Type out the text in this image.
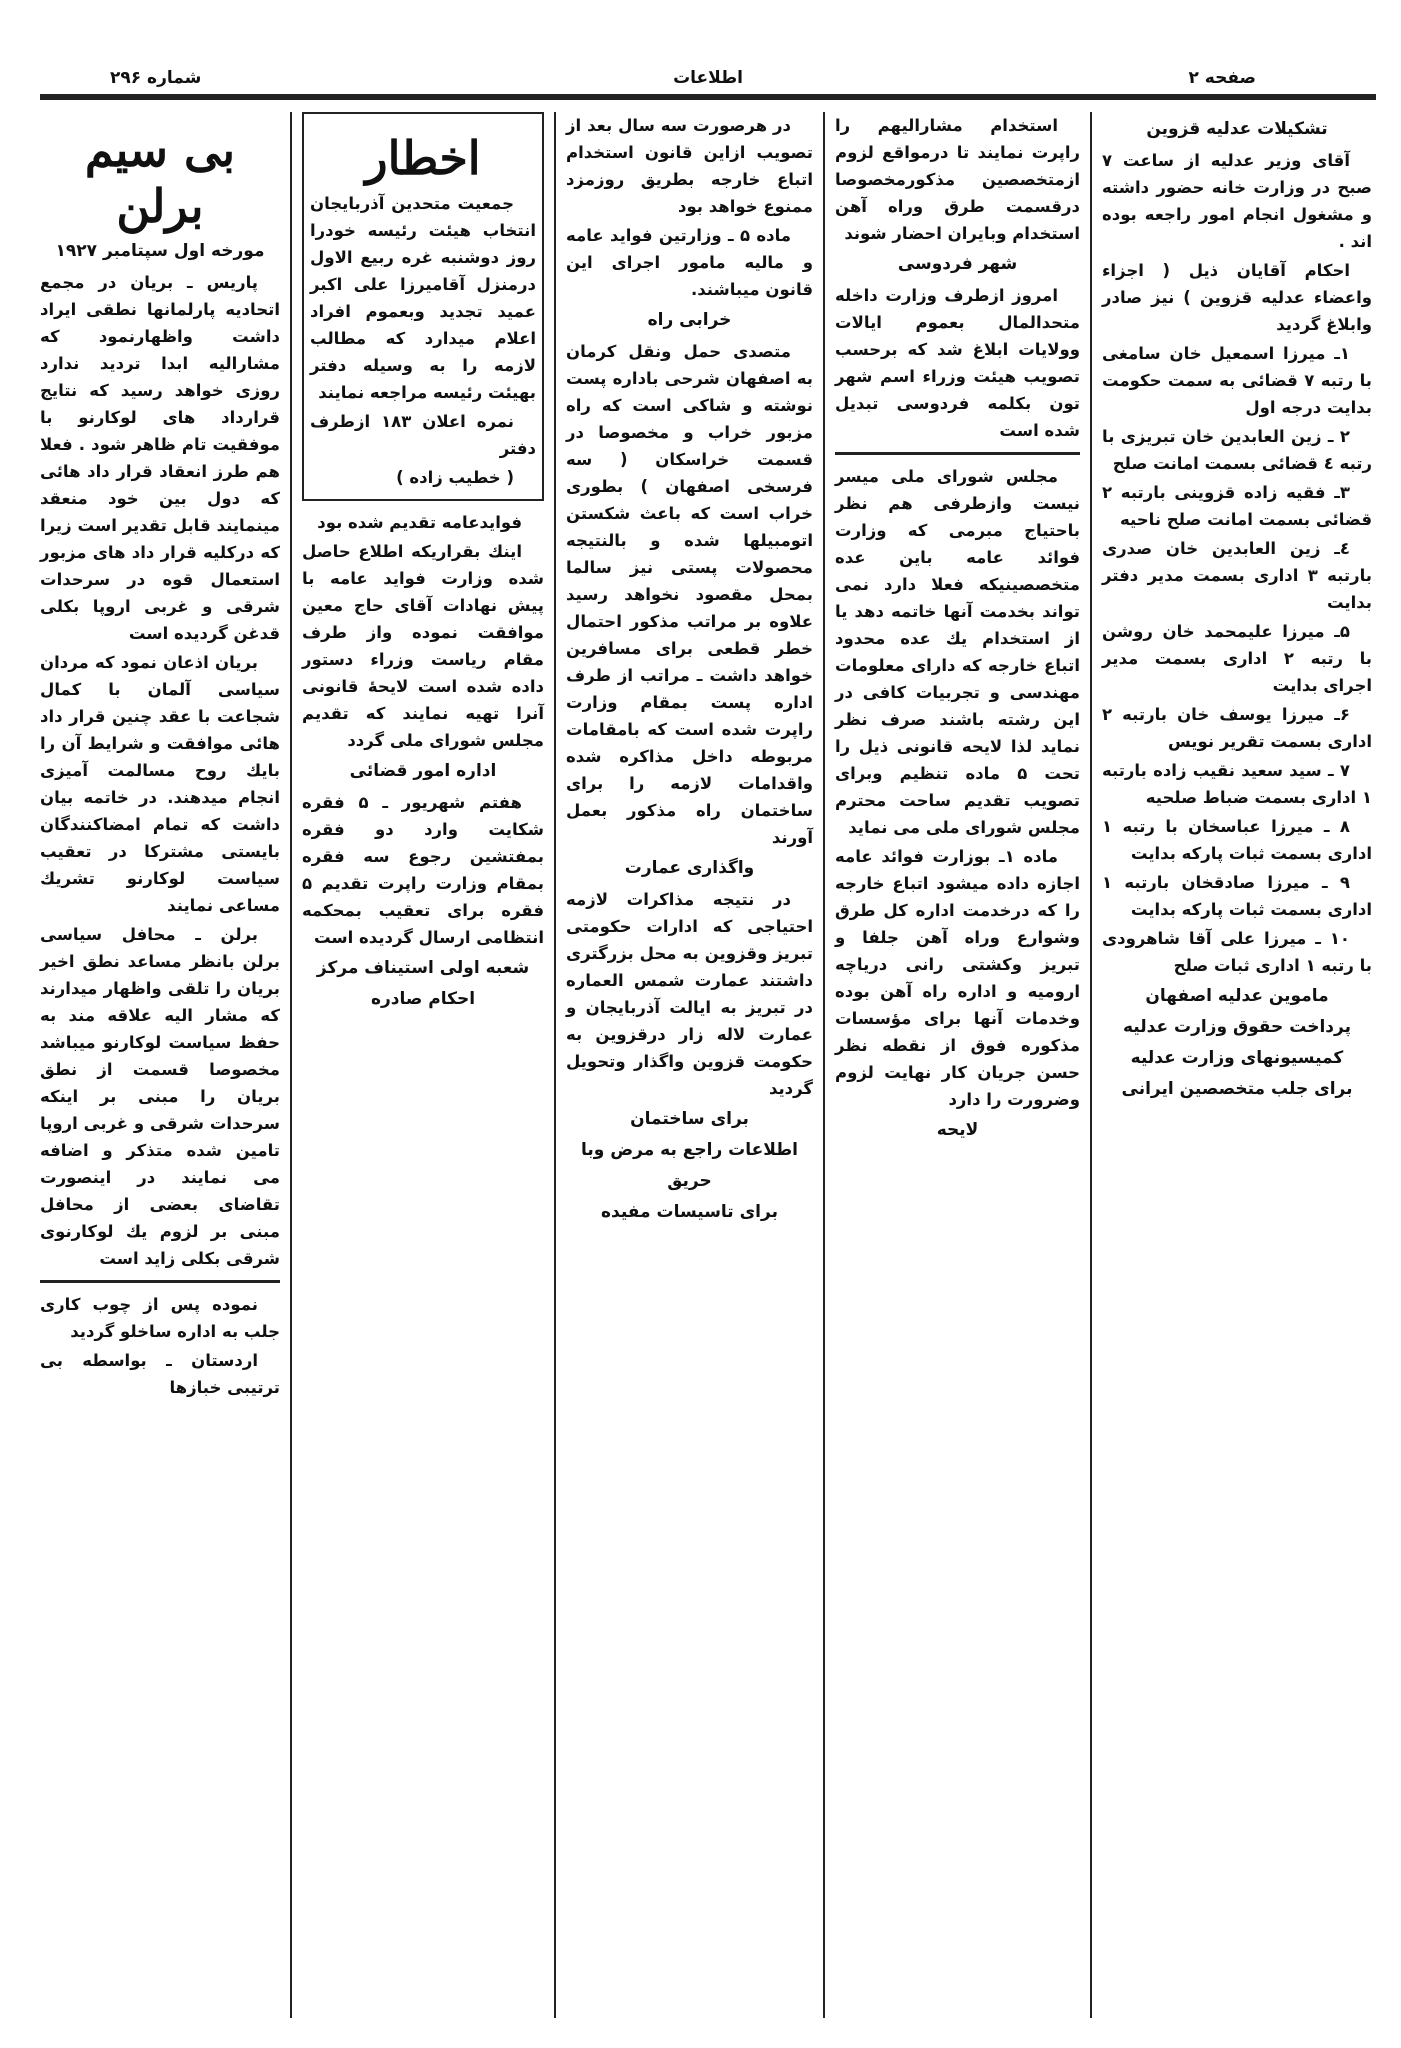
صفحه ۲
اطلاعات
شماره ۲۹۶
تشکیلات عدلیه قزوین

آقای وزیر عدلیه از ساعت ۷ صبح در وزارت خانه حضور داشته و مشغول انجام امور راجعه بوده اند .

احکام آقایان ذیل ( اجزاء واعضاء عدلیه قزوین ) نیز صادر وابلاغ گردید

۱ـ میرزا اسمعیل خان سامغی با رتبه ۷ قضائی به سمت حکومت بدایت درجه اول

۲ ـ زین العابدین خان تبریزی با رتبه ٤ قضائی بسمت امانت صلح

۳ـ فقیه زاده قزوینی بارتبه ۲ قضائی بسمت امانت صلح ناحیه

٤ـ زین العابدین خان صدری بارتبه ۳ اداری بسمت مدیر دفتر بدایت

۵ـ میرزا علیمحمد خان روشن با رتبه ۲ اداری بسمت مدیر اجرای بدایت

۶ـ میرزا یوسف خان بارتبه ۲ اداری بسمت تقریر نویس

۷ ـ سید سعید نقیب زاده بارتبه ۱ اداری بسمت ضباط صلحیه

۸ ـ میرزا عباسخان با رتبه ۱ اداری بسمت ثبات پارکه بدایت

۹ ـ میرزا صادقخان بارتبه ۱ اداری بسمت ثبات پارکه بدایت

۱۰ ـ میرزا علی آقا شاهرودی با رتبه ۱ اداری ثبات صلح

ماموین عدلیه اصفهان
پرداخت حقوق وزارت عدلیه
کمیسیونهای وزارت عدلیه
برای جلب متخصصین ایرانی

استخدام مشارالیهم را راپرت نمایند تا درمواقع لزوم ازمتخصصین مذکورمخصوصا درقسمت طرق وراه آهن استخدام وبایران احضار شوند

شهر فردوسی

امروز ازطرف وزارت داخله متحدالمال بعموم ایالات وولایات ابلاغ شد که برحسب تصویب هیئت وزراء اسم شهر تون بکلمه فردوسی تبدیل شده است

مجلس شورای ملی میسر نیست وازطرفی هم نظر باحتیاج مبرمی که وزارت فوائد عامه باین عده متخصصینیکه فعلا دارد نمی تواند بخدمت آنها خاتمه دهد یا از استخدام یك عده محدود اتباع خارجه که دارای معلومات مهندسی و تجربیات کافی در این رشته باشند صرف نظر نماید لذا لایحه قانونی ذیل را تحت ۵ ماده تنظیم وبرای تصویب تقدیم ساحت محترم مجلس شورای ملی می نماید

ماده ۱ـ بوزارت فوائد عامه اجازه داده میشود اتباع خارجه را که درخدمت اداره کل طرق وشوارع وراه آهن جلفا و تبریز وکشتی رانی دریاچه ارومیه و اداره راه آهن بوده وخدمات آنها برای مؤسسات مذکوره فوق از نقطه نظر حسن جریان کار نهایت لزوم وضرورت را دارد

لایحه

در هرصورت سه سال بعد از تصویب ازاین قانون استخدام اتباع خارجه بطریق روزمزد ممنوع خواهد بود

ماده ۵ ـ وزارتین فواید عامه و مالیه مامور اجرای این قانون میباشند.

خرابی راه

متصدی حمل ونقل کرمان به اصفهان شرحی باداره پست نوشته و شاکی است که راه مزبور خراب و مخصوصا در قسمت خراسکان ( سه فرسخی اصفهان ) بطوری خراب است که باعث شکستن اتومبیلها شده و بالنتیجه محصولات پستی نیز سالما بمحل مقصود نخواهد رسید علاوه بر مراتب مذکور احتمال خطر قطعی برای مسافرین خواهد داشت ـ مراتب از طرف اداره پست بمقام وزارت راپرت شده است که بامقامات مربوطه داخل مذاکره شده واقدامات لازمه را برای ساختمان راه مذکور بعمل آورند

واگذاری عمارت

در نتیجه مذاکرات لازمه احتیاجی که ادارات حکومتی تبریز وقزوین به محل بزرگتری داشتند عمارت شمس العماره در تبریز به ایالت آذربایجان و عمارت لاله زار درقزوین به حکومت قزوین واگذار وتحویل گردید

برای ساختمان
اطلاعات راجع به مرض وبا
حریق
برای تاسیسات مفیده
اخطار

جمعیت متحدین آذربایجان انتخاب هیئت رئیسه خودرا روز دوشنبه غره ربیع الاول درمنزل آقامیرزا علی اکبر عمید تجدید وبعموم افراد اعلام میدارد که مطالب لازمه را به وسیله دفتر بهیئت رئیسه مراجعه نمایند

نمره اعلان ۱۸۳ ازطرف دفتر

( خطیب زاده )

فوایدعامه تقدیم شده بود

اینك بقراریکه اطلاع حاصل شده وزارت فواید عامه با پیش نهادات آقای حاج معین موافقت نموده واز طرف مقام ریاست وزراء دستور داده شده است لایحهٔ قانونی آنرا تهیه نمایند که تقدیم مجلس شورای ملی گردد

اداره امور قضائی

هفتم شهریور ـ ۵ فقره شکایت وارد دو فقره بمفتشین رجوع سه فقره بمقام وزارت راپرت تقدیم ۵ فقره برای تعقیب بمحکمه انتظامی ارسال گردیده است

شعبه اولی استیناف مرکز
احکام صادره
بی سیم برلن
مورخه اول سپتامبر ۱۹۲۷

پاریس ـ بریان در مجمع اتحادیه پارلمانها نطقی ایراد داشت واظهارنمود که مشارالیه ابدا تردید ندارد روزی خواهد رسید که نتایج قرارداد های لوکارنو با موفقیت تام ظاهر شود . فعلا هم طرز انعقاد قرار داد هائی که دول بین خود منعقد مینمایند قابل تقدیر است زیرا که درکلیه قرار داد های مزبور استعمال قوه در سرحدات شرقی و غربی اروپا بکلی قدغن گردیده است

بریان اذعان نمود که مردان سیاسی آلمان با کمال شجاعت با عقد چنین قرار داد هائی موافقت و شرایط آن را بایك روح مسالمت آمیزی انجام میدهند. در خاتمه بیان داشت که تمام امضاکنندگان بایستی مشترکا در تعقیب سیاست لوکارنو تشریك مساعی نمایند

برلن ـ محافل سیاسی برلن بانظر مساعد نطق اخیر بریان را تلقی واظهار میدارند که مشار الیه علاقه مند به حفظ سیاست لوکارنو میباشد مخصوصا قسمت از نطق بریان را مبنی بر اینکه سرحدات شرقی و غربی اروپا تامین شده متذکر و اضافه می نمایند در اینصورت تقاضای بعضی از محافل مبنی بر لزوم یك لوکارنوی شرقی بکلی زاید است

نموده پس از چوب کاری جلب به اداره ساخلو گردید

اردستان ـ بواسطه بی ترتیبی خبازها
